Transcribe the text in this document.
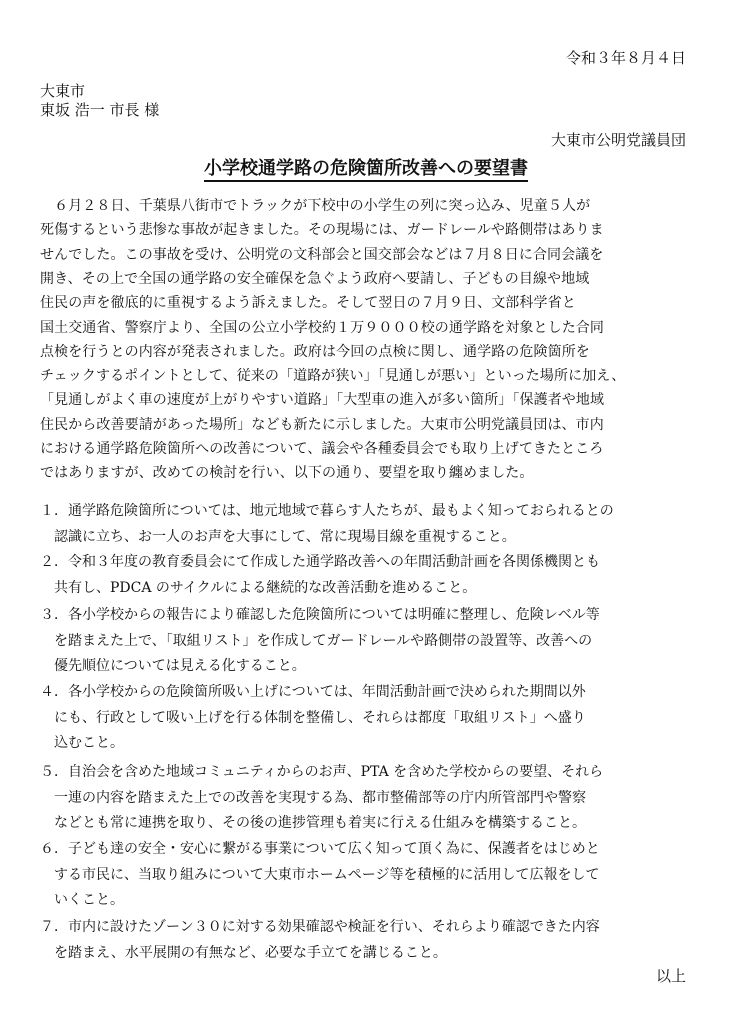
令和３年８月４日
大東市
東坂 浩一 市長 様
大東市公明党議員団
小学校通学路の危険箇所改善への要望書
　６月２８日、千葉県八街市でトラックが下校中の小学生の列に突っ込み、児童５人が
死傷するという悲惨な事故が起きました。その現場には、ガードレールや路側帯はありま
せんでした。この事故を受け、公明党の文科部会と国交部会などは７月８日に合同会議を
開き、その上で全国の通学路の安全確保を急ぐよう政府へ要請し、子どもの目線や地域
住民の声を徹底的に重視するよう訴えました。そして翌日の７月９日、文部科学省と
国土交通省、警察庁より、全国の公立小学校約１万９０００校の通学路を対象とした合同
点検を行うとの内容が発表されました。政府は今回の点検に関し、通学路の危険箇所を
チェックするポイントとして、従来の「道路が狭い」「見通しが悪い」といった場所に加え、
「見通しがよく車の速度が上がりやすい道路」「大型車の進入が多い箇所」「保護者や地域
住民から改善要請があった場所」なども新たに示しました。大東市公明党議員団は、市内
における通学路危険箇所への改善について、議会や各種委員会でも取り上げてきたところ
ではありますが、改めての検討を行い、以下の通り、要望を取り纏めました。
１．通学路危険箇所については、地元地域で暮らす人たちが、最もよく知っておられるとの
　認識に立ち、お一人のお声を大事にして、常に現場目線を重視すること。
２．令和３年度の教育委員会にて作成した通学路改善への年間活動計画を各関係機関とも
　共有し、PDCA のサイクルによる継続的な改善活動を進めること。
３．各小学校からの報告により確認した危険箇所については明確に整理し、危険レベル等
　を踏まえた上で、「取組リスト」を作成してガードレールや路側帯の設置等、改善への
　優先順位については見える化すること。
４．各小学校からの危険箇所吸い上げについては、年間活動計画で決められた期間以外
　にも、行政として吸い上げを行る体制を整備し、それらは都度「取組リスト」へ盛り
　込むこと。
５．自治会を含めた地域コミュニティからのお声、PTA を含めた学校からの要望、それら
　一連の内容を踏まえた上での改善を実現する為、都市整備部等の庁内所管部門や警察
　などとも常に連携を取り、その後の進捗管理も着実に行える仕組みを構築すること。
６．子ども達の安全・安心に繋がる事業について広く知って頂く為に、保護者をはじめと
　する市民に、当取り組みについて大東市ホームページ等を積極的に活用して広報をして
　いくこと。
７．市内に設けたゾーン３０に対する効果確認や検証を行い、それらより確認できた内容
　を踏まえ、水平展開の有無など、必要な手立てを講じること。
以上
